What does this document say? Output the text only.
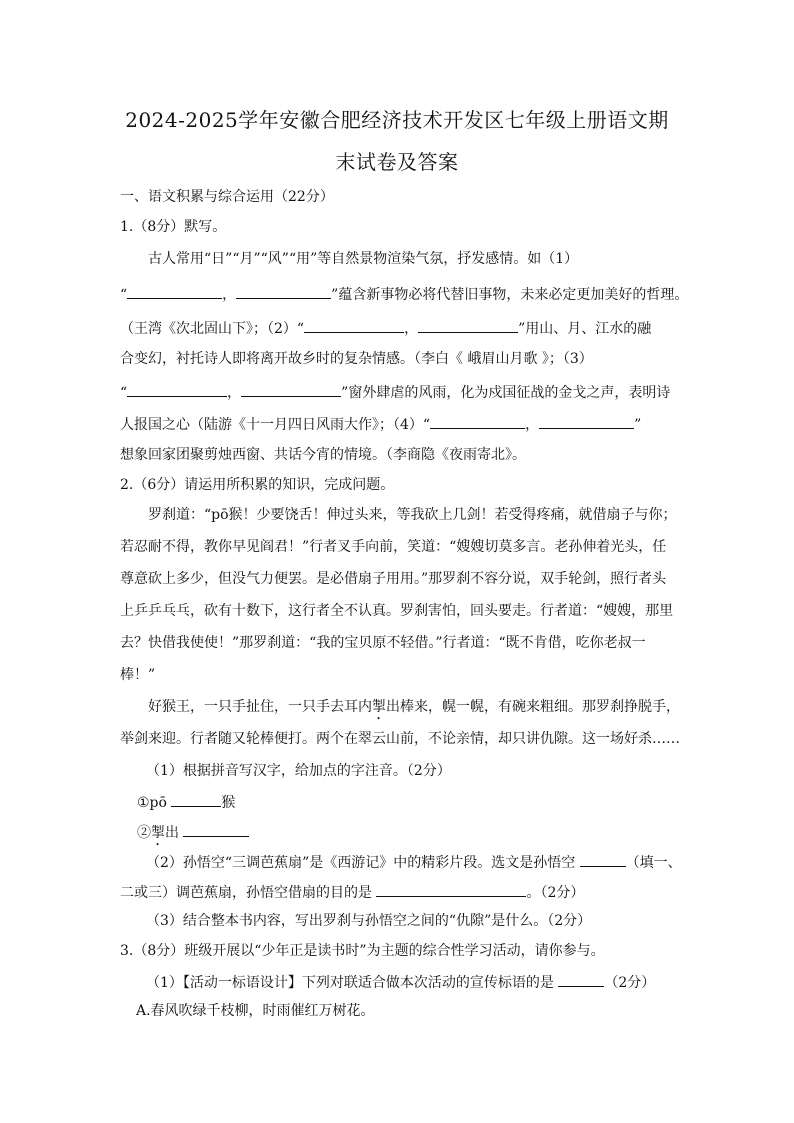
2024-2025学年安徽合肥经济技术开发区七年级上册语文期
末试卷及答案
一、语文积累与综合运用（22分）
1.（8分）默写。
古人常用“日”“月”“风”“用”等自然景物渲染气氛，抒发感情。如（1）
“	，	”蕴含新事物必将代替旧事物，未来必定更加美好的哲理。
（王湾《次北固山下》；（2）“	，	”用山、月、江水的融
合变幻，衬托诗人即将离开故乡时的复杂情感。（李白《 峨眉山月歌 》；（3）
“	，	”窗外肆虐的风雨，化为戍国征战的金戈之声，表明诗
人报国之心（陆游《十一月四日风雨大作》；（4）“	，	”
想象回家团聚剪烛西窗、共话今宵的情境。（李商隐《夜雨寄北》。
2.（6分）请运用所积累的知识，完成问题。
罗刹道：“pō猴！少要饶舌！伸过头来，等我砍上几剑！若受得疼痛，就借扇子与你；
若忍耐不得，教你早见阎君！”行者叉手向前，笑道：“嫂嫂切莫多言。老孙伸着光头，任
尊意砍上多少，但没气力便罢。是必借扇子用用。”那罗刹不容分说，双手轮剑，照行者头
上乒乒乓乓，砍有十数下，这行者全不认真。罗刹害怕，回头要走。行者道：“嫂嫂，那里
去？快借我使使！”那罗刹道：“我的宝贝原不轻借。”行者道：“既不肯借，吃你老叔一
棒！”
好猴王，一只手扯住，一只手去耳内掣出棒来，幌一幌，有碗来粗细。那罗刹挣脱手，
举剑来迎。行者随又轮棒便打。两个在翠云山前，不论亲情，却只讲仇隙。这一场好杀……
（1）根据拼音写汉字，给加点的字注音。（2分）
①pō	猴
②掣出
（2）孙悟空“三调芭蕉扇”是《西游记》中的精彩片段。选文是孙悟空	（填一、
二或三）调芭蕉扇，孙悟空借扇的目的是	。（2分）
（3）结合整本书内容，写出罗刹与孙悟空之间的“仇隙”是什么。（2分）
3.（8分）班级开展以“少年正是读书时”为主题的综合性学习活动，请你参与。
（1）【活动一标语设计】下列对联适合做本次活动的宣传标语的是	（2分）
A.春风吹绿千枝柳，时雨催红万树花。
